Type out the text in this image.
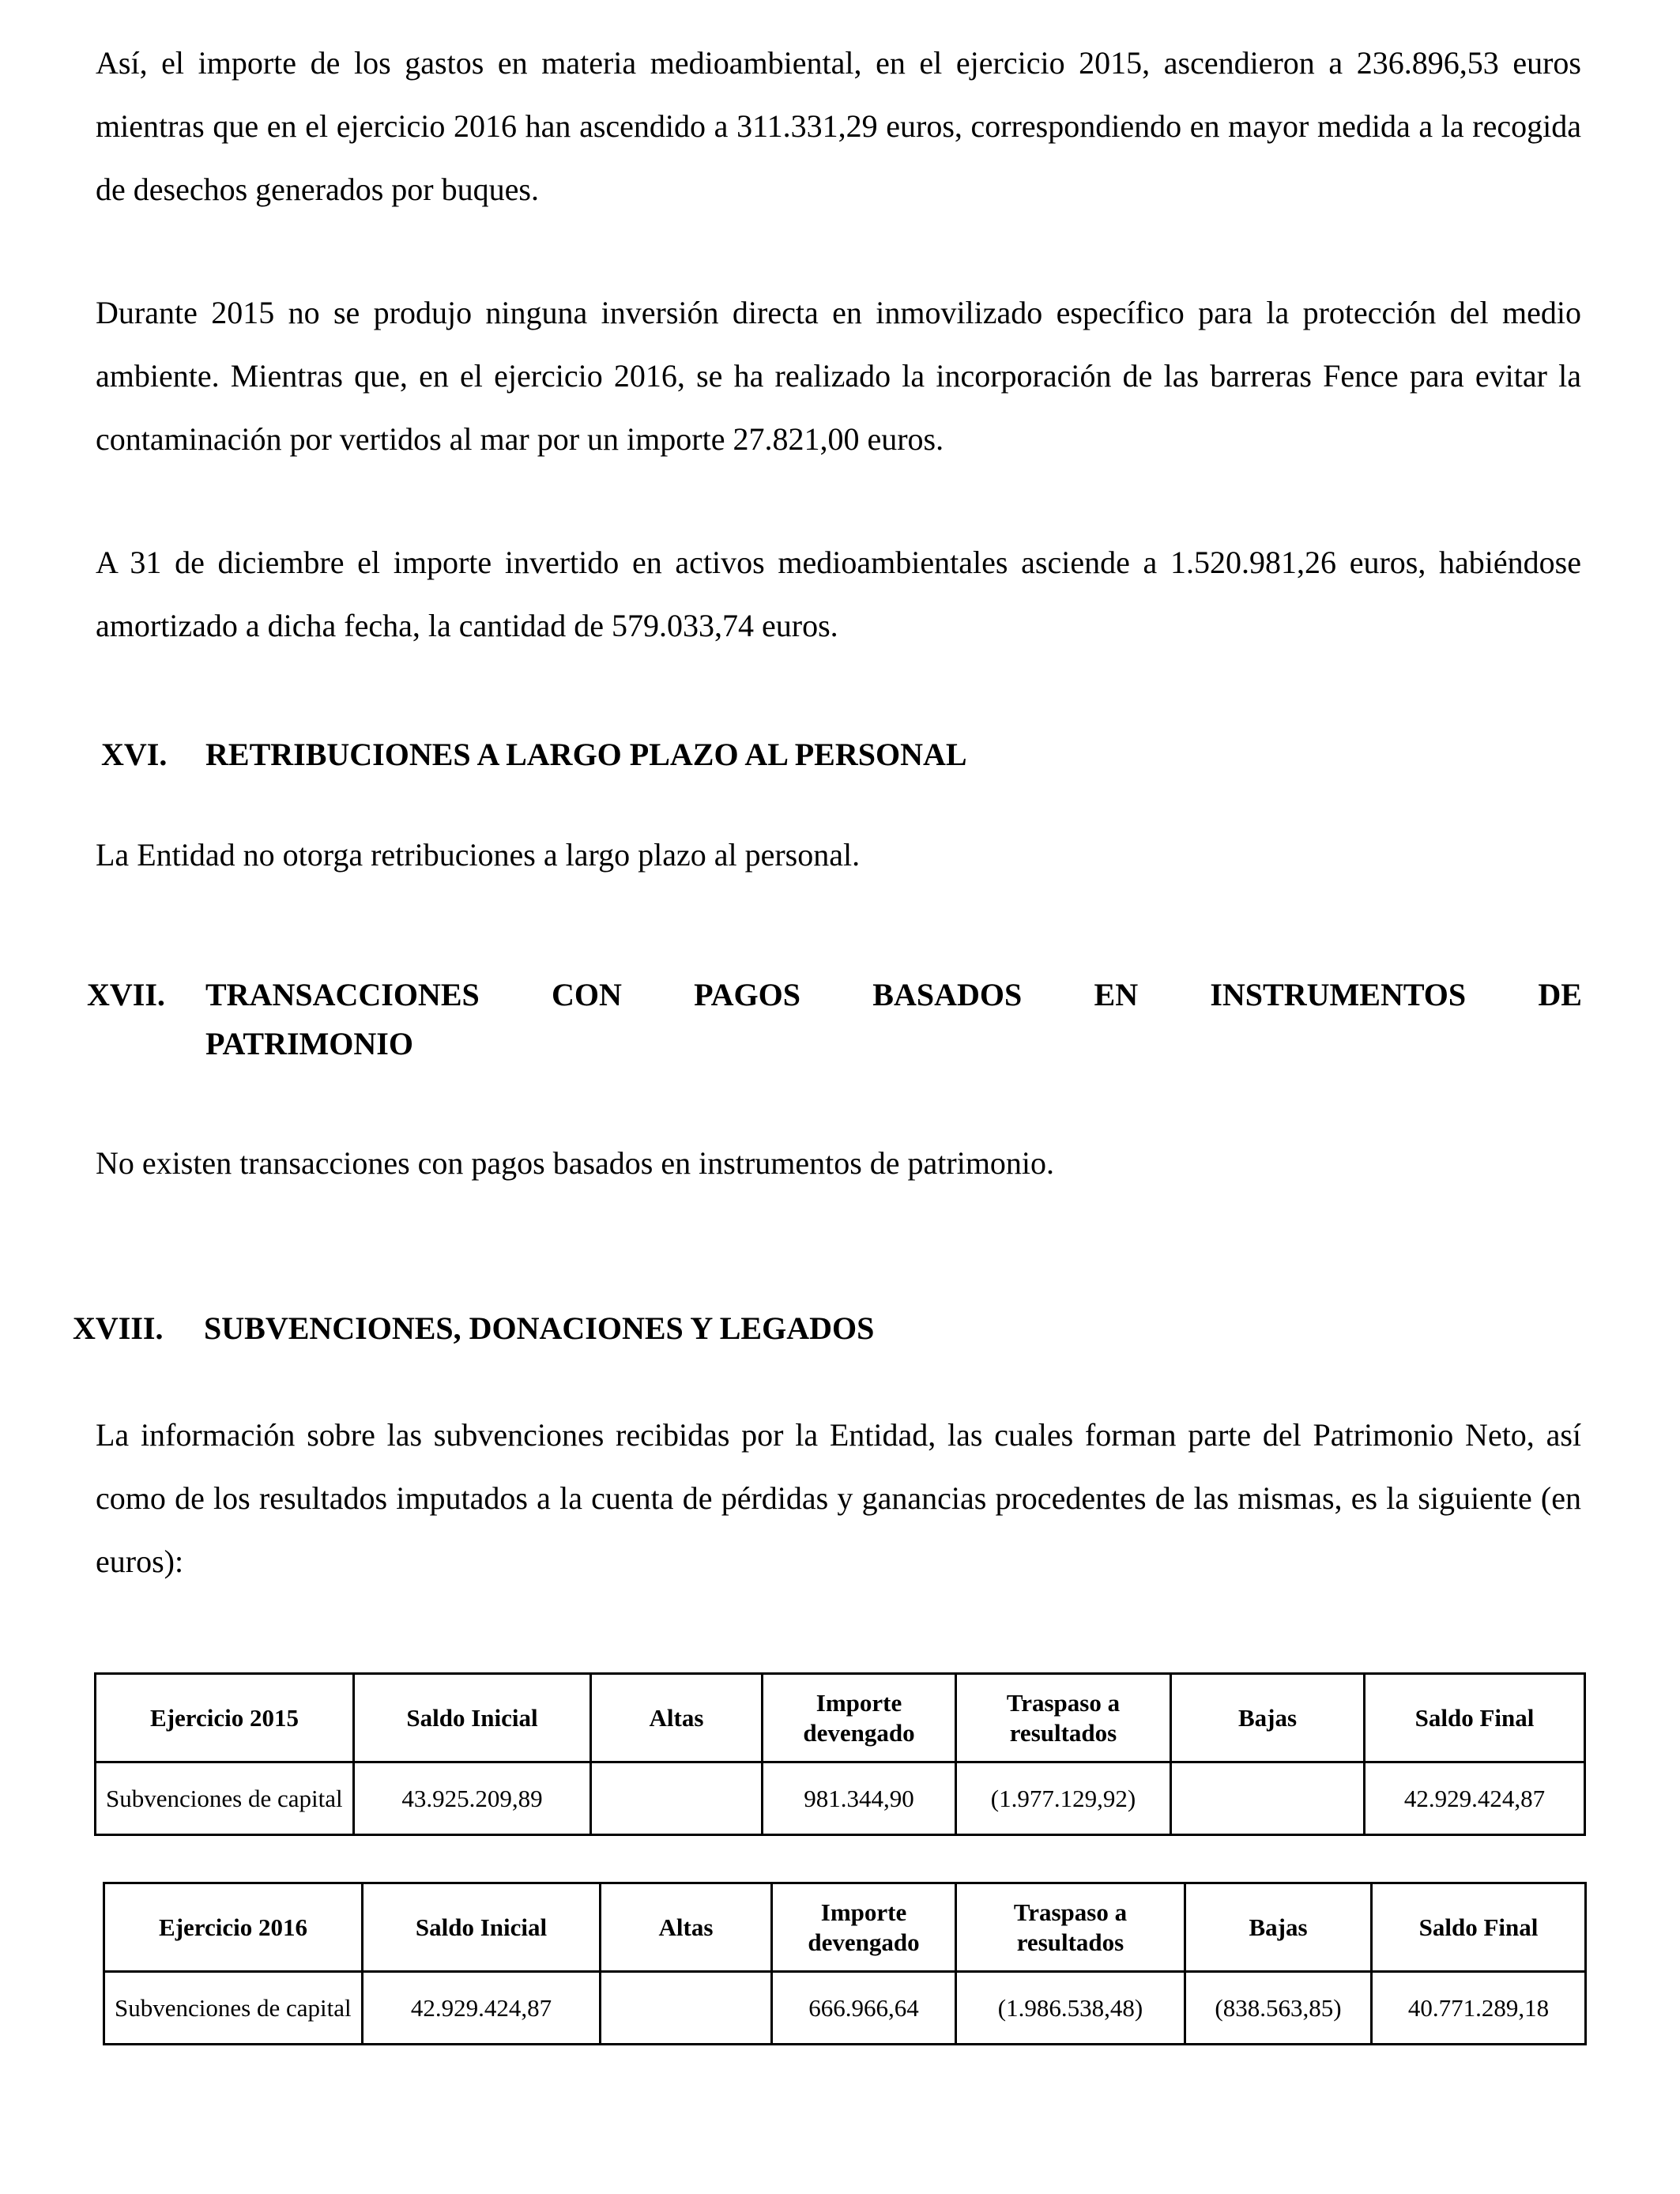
Así, el importe de los gastos en materia medioambiental, en el ejercicio 2015, ascendieron a 236.896,53 euros mientras que en el ejercicio 2016 han ascendido a 311.331,29 euros, correspondiendo en mayor medida a la recogida de desechos generados por buques.

Durante 2015 no se produjo ninguna inversión directa en inmovilizado específico para la protección del medio ambiente. Mientras que, en el ejercicio 2016, se ha realizado la incorporación de las barreras Fence para evitar la contaminación por vertidos al mar por un importe 27.821,00 euros.

A 31 de diciembre el importe invertido en activos medioambientales asciende a 1.520.981,26 euros, habiéndose amortizado a dicha fecha, la cantidad de 579.033,74 euros.

XVI. RETRIBUCIONES A LARGO PLAZO AL PERSONAL

La Entidad no otorga retribuciones a largo plazo al personal.

XVII. TRANSACCIONES CON PAGOS BASADOS EN INSTRUMENTOS DE
PATRIMONIO

No existen transacciones con pagos basados en instrumentos de patrimonio.

XVIII. SUBVENCIONES, DONACIONES Y LEGADOS

La información sobre las subvenciones recibidas por la Entidad, las cuales forman parte del Patrimonio Neto, así como de los resultados imputados a la cuenta de pérdidas y ganancias procedentes de las mismas, es la siguiente (en euros):

Ejercicio 2015	Saldo Inicial	Altas	Importe devengado	Traspaso a resultados	Bajas	Saldo Final
Subvenciones de capital	43.925.209,89		981.344,90	(1.977.129,92)		42.929.424,87
Ejercicio 2016	Saldo Inicial	Altas	Importe devengado	Traspaso a resultados	Bajas	Saldo Final
Subvenciones de capital	42.929.424,87		666.966,64	(1.986.538,48)	(838.563,85)	40.771.289,18
